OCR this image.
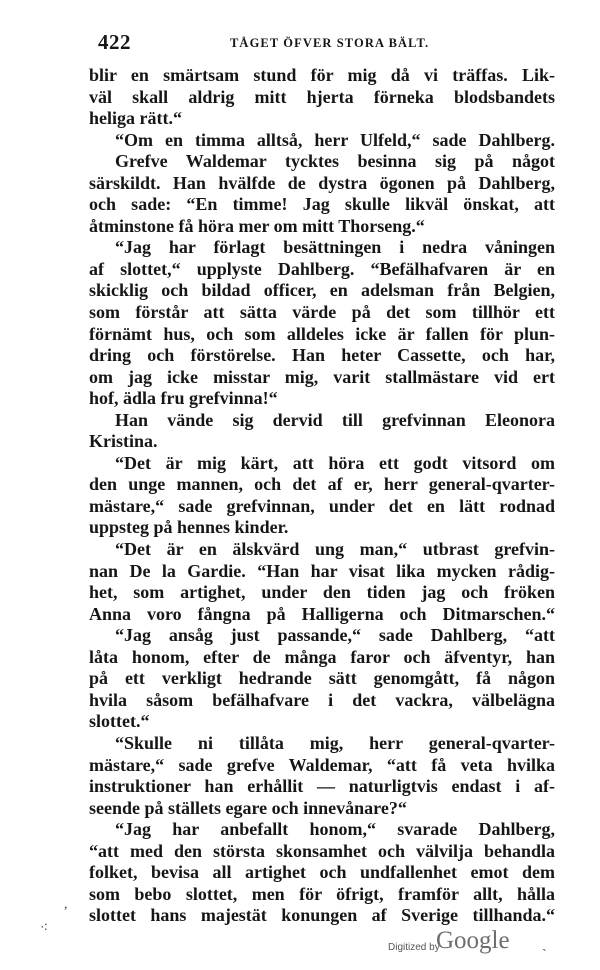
422	TÅGET ÖFVER STORA BÄLT.
blir en smärtsam stund för mig då vi träffas. Lik-
väl skall aldrig mitt hjerta förneka blodsbandets
heliga rätt.“
“Om en timma alltså, herr Ulfeld,“ sade Dahlberg.
Grefve Waldemar tycktes besinna sig på något
särskildt. Han hvälfde de dystra ögonen på Dahlberg,
och sade: “En timme! Jag skulle likväl önskat, att
åtminstone få höra mer om mitt Thorseng.“
“Jag har förlagt besättningen i nedra våningen
af slottet,“ upplyste Dahlberg. “Befälhafvaren är en
skicklig och bildad officer, en adelsman från Belgien,
som förstår att sätta värde på det som tillhör ett
förnämt hus, och som alldeles icke är fallen för plun-
dring och förstörelse. Han heter Cassette, och har,
om jag icke misstar mig, varit stallmästare vid ert
hof, ädla fru grefvinna!“
Han vände sig dervid till grefvinnan Eleonora
Kristina.
“Det är mig kärt, att höra ett godt vitsord om
den unge mannen, och det af er, herr general-qvarter-
mästare,“ sade grefvinnan, under det en lätt rodnad
uppsteg på hennes kinder.
“Det är en älskvärd ung man,“ utbrast grefvin-
nan De la Gardie. “Han har visat lika mycken rådig-
het, som artighet, under den tiden jag och fröken
Anna voro fångna på Halligerna och Ditmarschen.“
“Jag ansåg just passande,“ sade Dahlberg, “att
låta honom, efter de många faror och äfventyr, han
på ett verkligt hedrande sätt genomgått, få någon
hvila såsom befälhafvare i det vackra, välbelägna
slottet.“
“Skulle ni tillåta mig, herr general-qvarter-
mästare,“ sade grefve Waldemar, “att få veta hvilka
instruktioner han erhållit — naturligtvis endast i af-
seende på ställets egare och innevånare?“
“Jag har anbefallt honom,“ svarade Dahlberg,
“att med den största skonsamhet och välvilja behandla
folket, bevisa all artighet och undfallenhet emot dem
som bebo slottet, men för öfrigt, framför allt, hålla
slottet hans majestät konungen af Sverige tillhanda.“
,
⁖
ˎ
Digitized by
Google
